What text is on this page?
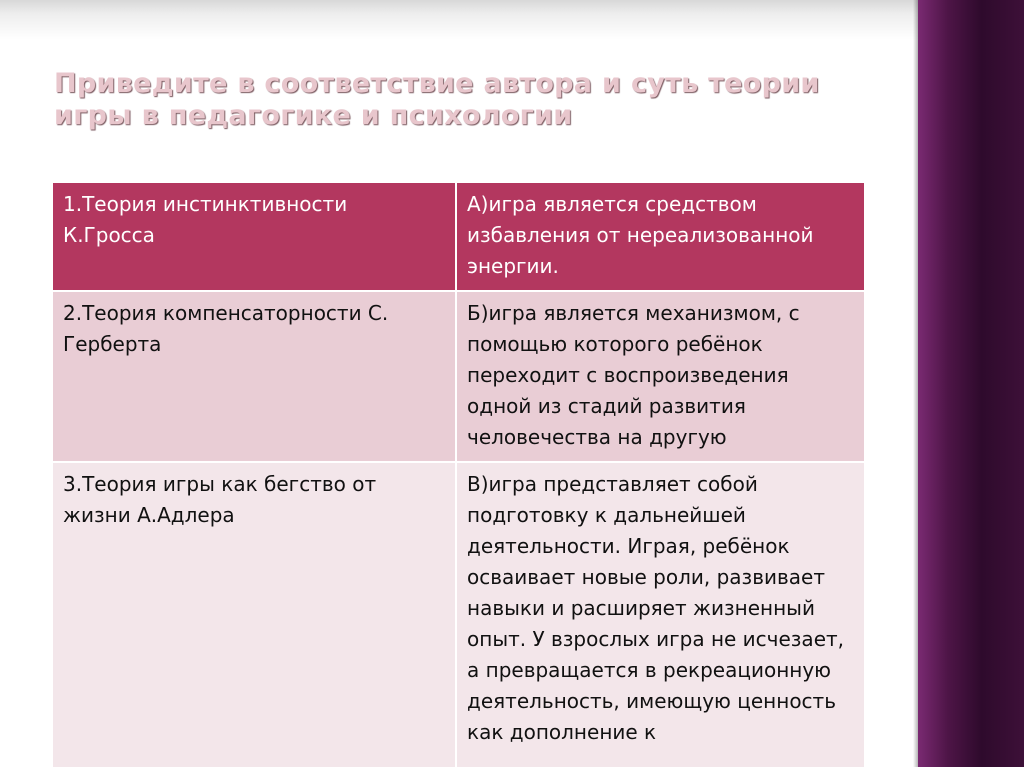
Приведите в соответствие автора и суть теории игры в педагогике и психологии
1.Теория инстинктивности К.Гросса	А)игра является средством избавления от нереализованной энергии.
2.Теория компенсаторности С. Герберта	Б)игра является механизмом, с помощью которого ребёнок переходит с воспроизведения одной из стадий развития человечества на другую
3.Теория игры как бегство от жизни А.Адлера	В)игра представляет собой подготовку к дальнейшей деятельности. Играя, ребёнок осваивает новые роли, развивает навыки и расширяет жизненный опыт. У взрослых игра не исчезает, а превращается в рекреационную деятельность, имеющую ценность как дополнение к
